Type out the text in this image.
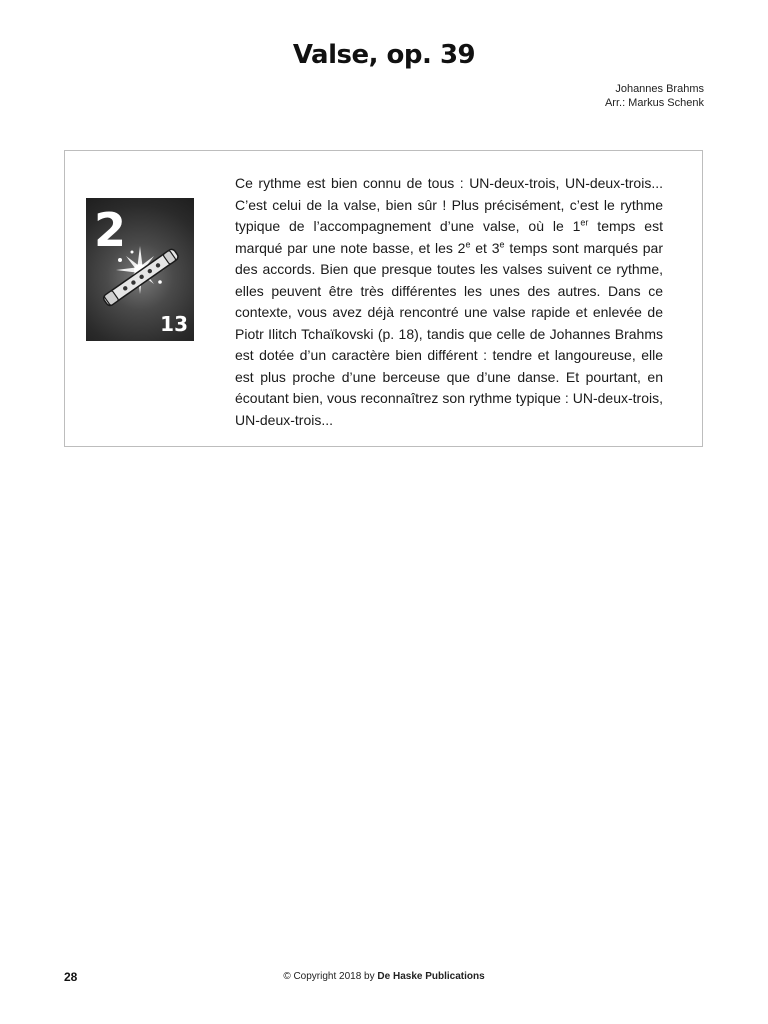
Valse, op. 39
Johannes Brahms
Arr.: Markus Schenk
2
13

Ce rythme est bien connu de tous : UN-deux-trois, UN-deux-trois... C’est celui de la valse, bien sûr ! Plus précisément, c’est le rythme typique de l’accompagnement d’une valse, où le 1er temps est marqué par une note basse, et les 2e et 3e temps sont marqués par des accords. Bien que presque toutes les valses suivent ce rythme, elles peuvent être très différentes les unes des autres. Dans ce contexte, vous avez déjà rencontré une valse rapide et enlevée de Piotr Ilitch Tchaïkovski (p. 18), tandis que celle de Johannes Brahms est dotée d’un caractère bien différent : tendre et langoureuse, elle est plus proche d’une berceuse que d’une danse. Et pourtant, en écoutant bien, vous reconnaîtrez son rythme typique : UN-deux-trois, UN-deux-trois...

28	© Copyright 2018 by De Haske Publications
